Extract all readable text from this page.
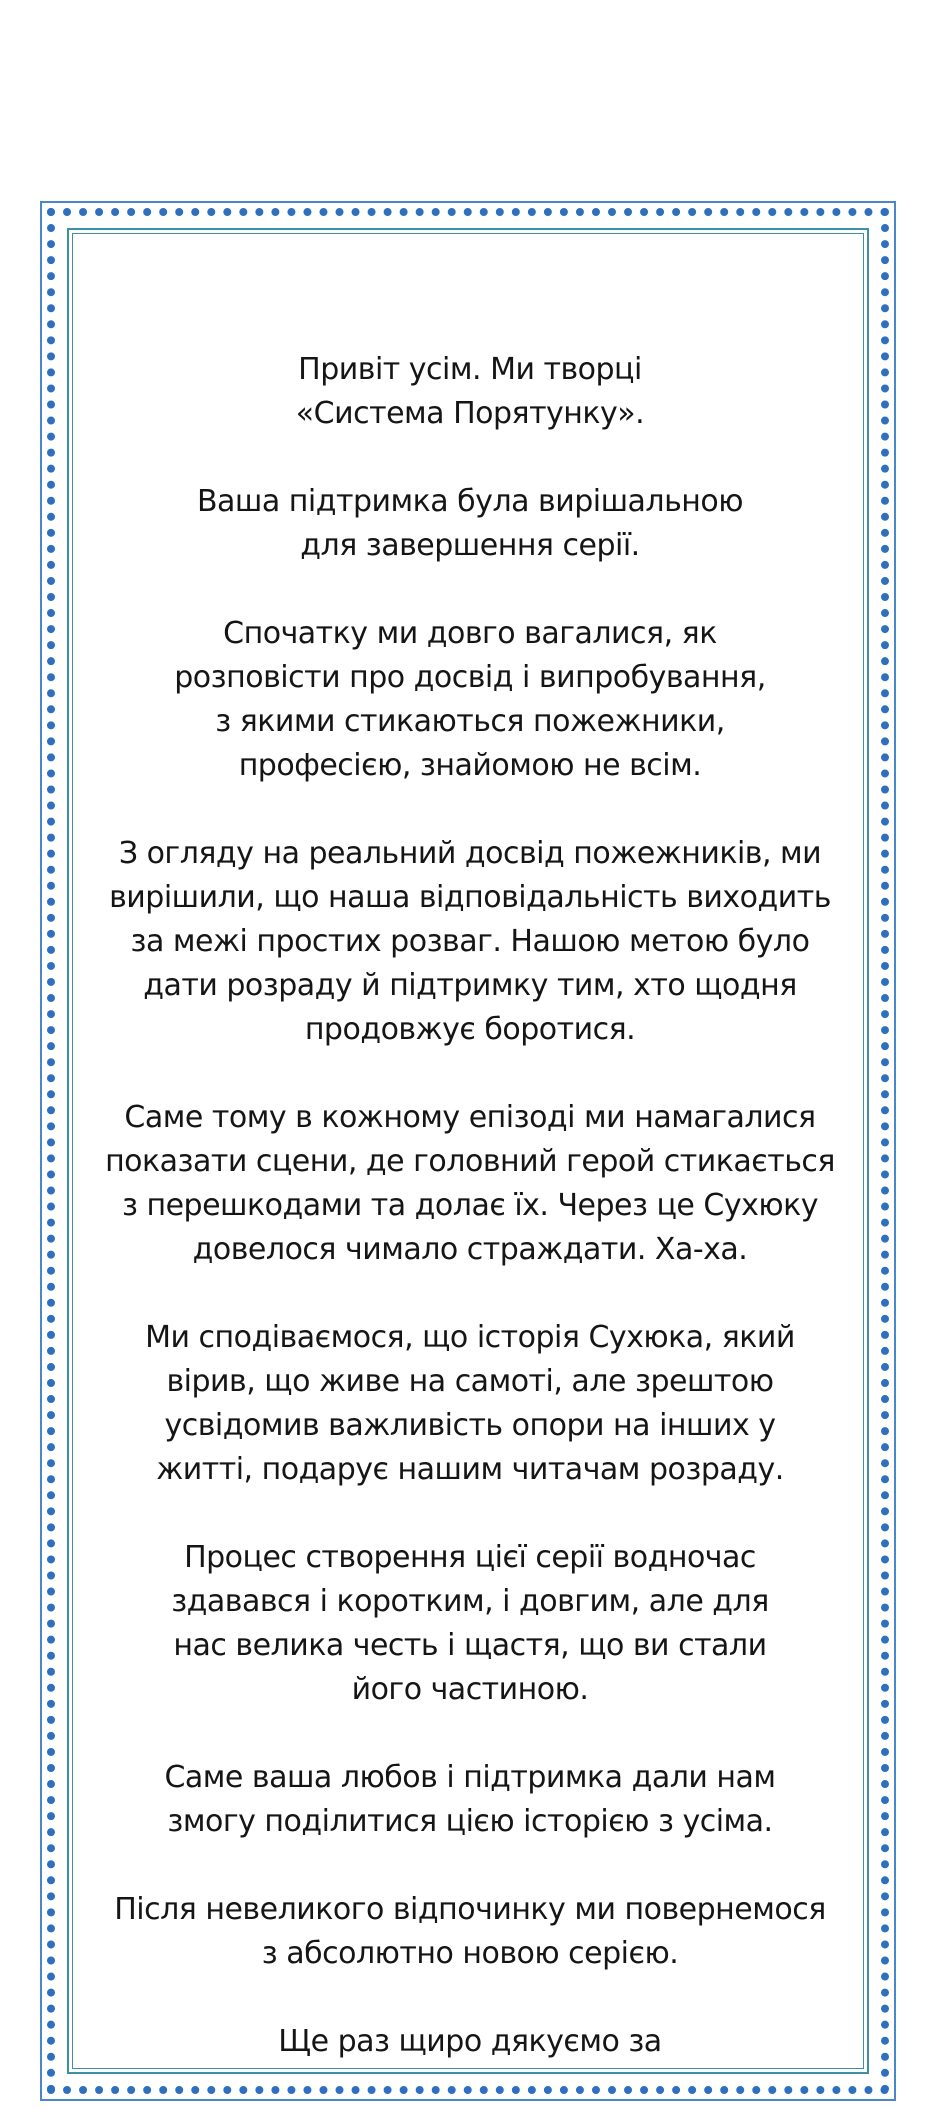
Привіт усім. Ми творці
«Система Порятунку».
Ваша підтримка була вирішальною
для завершення серії.
Спочатку ми довго вагалися, як
розповісти про досвід і випробування,
з якими стикаються пожежники,
професією, знайомою не всім.
З огляду на реальний досвід пожежників, ми
вирішили, що наша відповідальність виходить
за межі простих розваг. Нашою метою було
дати розраду й підтримку тим, хто щодня
продовжує боротися.
Саме тому в кожному епізоді ми намагалися
показати сцени, де головний герой стикається
з перешкодами та долає їх. Через це Сухюку
довелося чимало страждати. Ха-ха.
Ми сподіваємося, що історія Сухюка, який
вірив, що живе на самоті, але зрештою
усвідомив важливість опори на інших у
житті, подарує нашим читачам розраду.
Процес створення цієї серії водночас
здавався і коротким, і довгим, але для
нас велика честь і щастя, що ви стали
його частиною.
Саме ваша любов і підтримка дали нам
змогу поділитися цією історією з усіма.
Після невеликого відпочинку ми повернемося
з абсолютно новою серією.
Ще раз щиро дякуємо за
